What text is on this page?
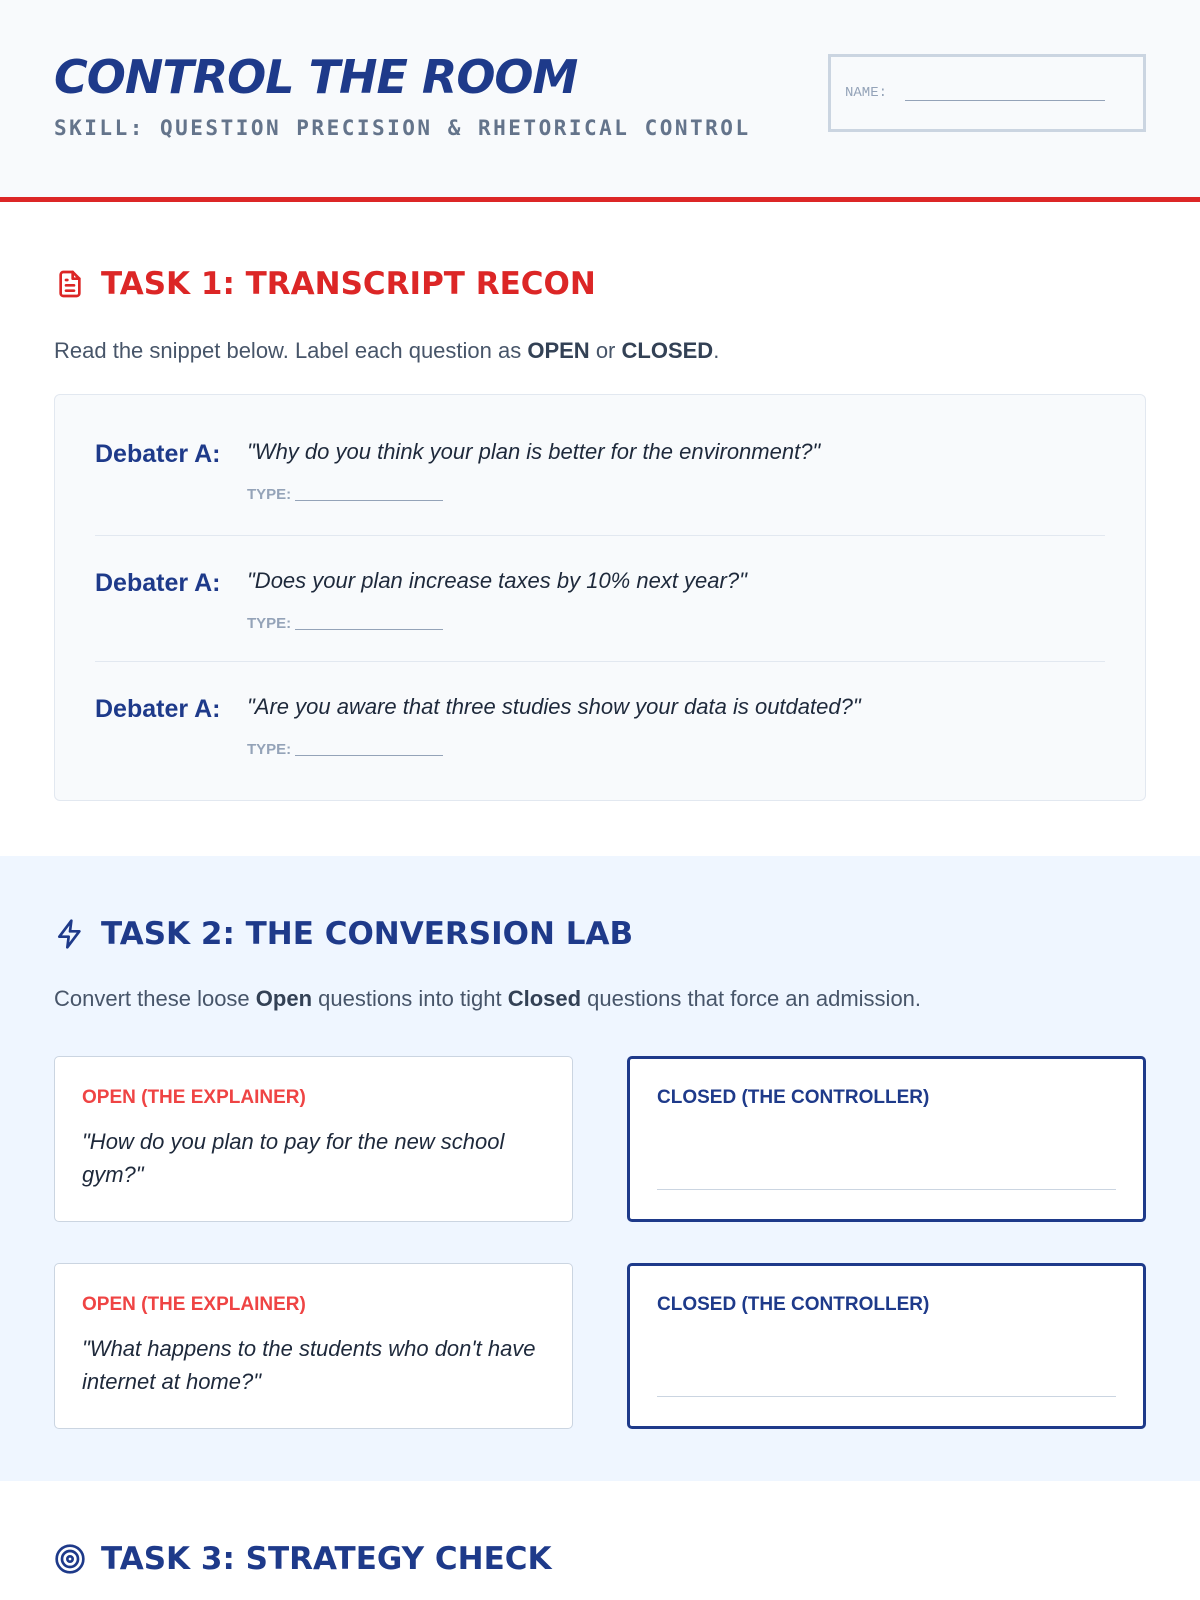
CONTROL THE ROOM
SKILL: QUESTION PRECISION & RHETORICAL CONTROL
NAME:
TASK 1: TRANSCRIPT RECON

Read the snippet below. Label each question as OPEN or CLOSED.

Debater A: "Why do you think your plan is better for the environment?"
TYPE:
Debater A: "Does your plan increase taxes by 10% next year?"
TYPE:
Debater A: "Are you aware that three studies show your data is outdated?"
TYPE:
TASK 2: THE CONVERSION LAB

Convert these loose Open questions into tight Closed questions that force an admission.

OPEN (THE EXPLAINER)
"How do you plan to pay for the new school gym?"
CLOSED (THE CONTROLLER)
OPEN (THE EXPLAINER)
"What happens to the students who don't have internet at home?"
CLOSED (THE CONTROLLER)
TASK 3: STRATEGY CHECK
